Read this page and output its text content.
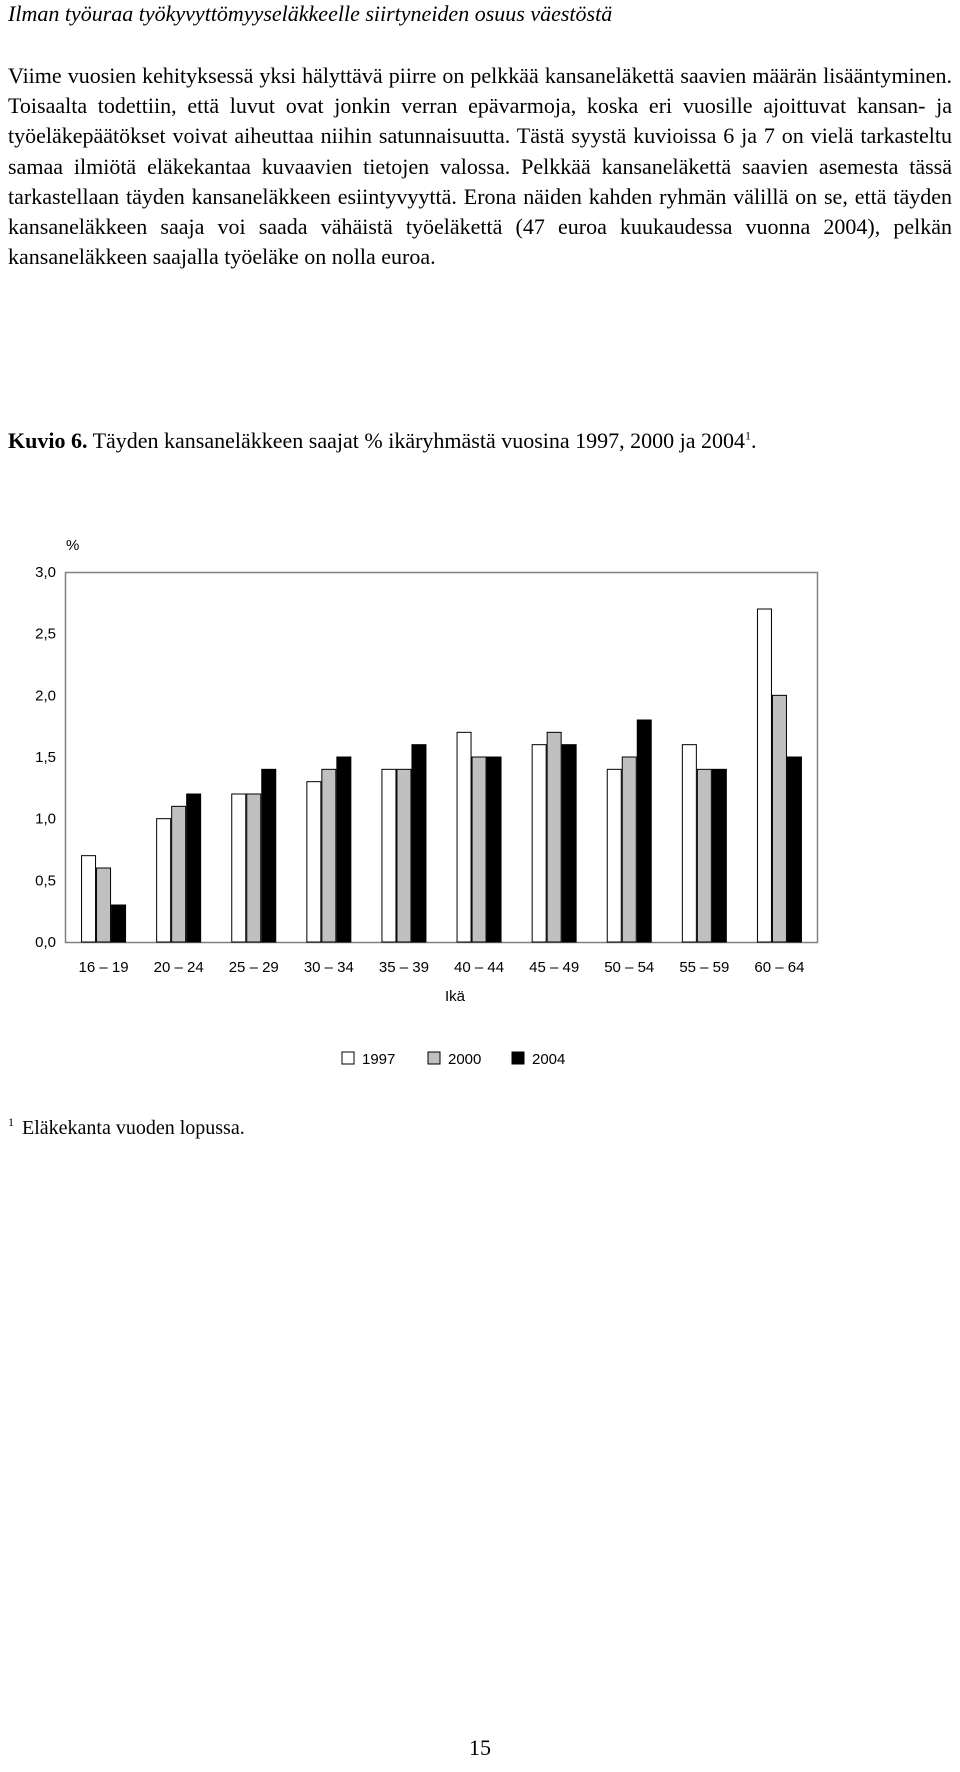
Ilman työuraa työkyvyttömyyseläkkeelle siirtyneiden osuus väestöstä

Viime vuosien kehityksessä yksi hälyttävä piirre on pelkkää kansaneläkettä saavien määrän lisääntyminen. Toisaalta todettiin, että luvut ovat jonkin verran epävarmoja, koska eri vuosille ajoittuvat kansan- ja työeläkepäätökset voivat aiheuttaa niihin satunnaisuutta. Tästä syystä kuvioissa 6 ja 7 on vielä tarkasteltu samaa ilmiötä eläkekantaa kuvaavien tietojen valossa. Pelkkää kansaneläkettä saavien asemesta tässä tarkastellaan täyden kansaneläkkeen esiintyvyyttä. Erona näiden kahden ryhmän välillä on se, että täyden kansaneläkkeen saaja voi saada vähäistä työeläkettä (47 euroa kuukaudessa vuonna 2004), pelkän kansaneläkkeen saajalla työeläke on nolla euroa.

Kuvio 6. Täyden kansaneläkkeen saajat % ikäryhmästä vuosina 1997, 2000 ja 2004$^1$.
%
0,0
0,5
1,0
1,5
2,0
2,5
3,0
16 – 19 20 – 24 25 – 29 30 – 34 35 – 39 40 – 44 45 – 49 50 – 54 55 – 59 60 – 64
Ikä
1997	2000	2004
$^1$ Eläkekanta vuoden lopussa.
15
